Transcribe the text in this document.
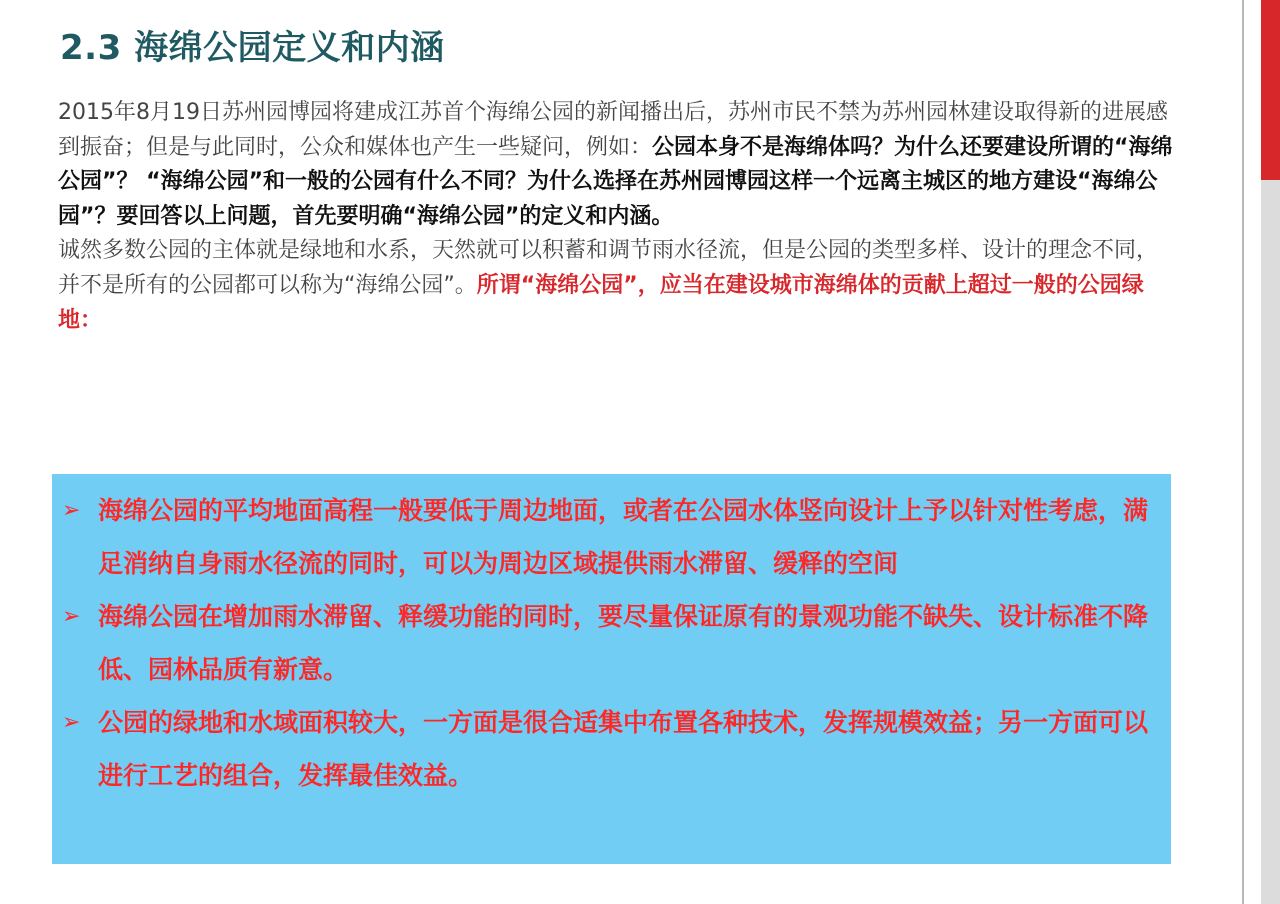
2.3 海绵公园定义和内涵

2015年8月19日苏州园博园将建成江苏首个海绵公园的新闻播出后，苏州市民不禁为苏州园林建设取得新的进展感到振奋；但是与此同时，公众和媒体也产生一些疑问，例如：公园本身不是海绵体吗？为什么还要建设所谓的“海绵公园”？ “海绵公园”和一般的公园有什么不同？为什么选择在苏州园博园这样一个远离主城区的地方建设“海绵公园”？要回答以上问题，首先要明确“海绵公园”的定义和内涵。

诚然多数公园的主体就是绿地和水系，天然就可以积蓄和调节雨水径流，但是公园的类型多样、设计的理念不同，并不是所有的公园都可以称为“海绵公园”。所谓“海绵公园”，应当在建设城市海绵体的贡献上超过一般的公园绿地：

➢ 海绵公园的平均地面高程一般要低于周边地面，或者在公园水体竖向设计上予以针对性考虑，满足消纳自身雨水径流的同时，可以为周边区域提供雨水滞留、缓释的空间
➢ 海绵公园在增加雨水滞留、释缓功能的同时，要尽量保证原有的景观功能不缺失、设计标准不降低、园林品质有新意。
➢ 公园的绿地和水域面积较大，一方面是很合适集中布置各种技术，发挥规模效益；另一方面可以进行工艺的组合，发挥最佳效益。
